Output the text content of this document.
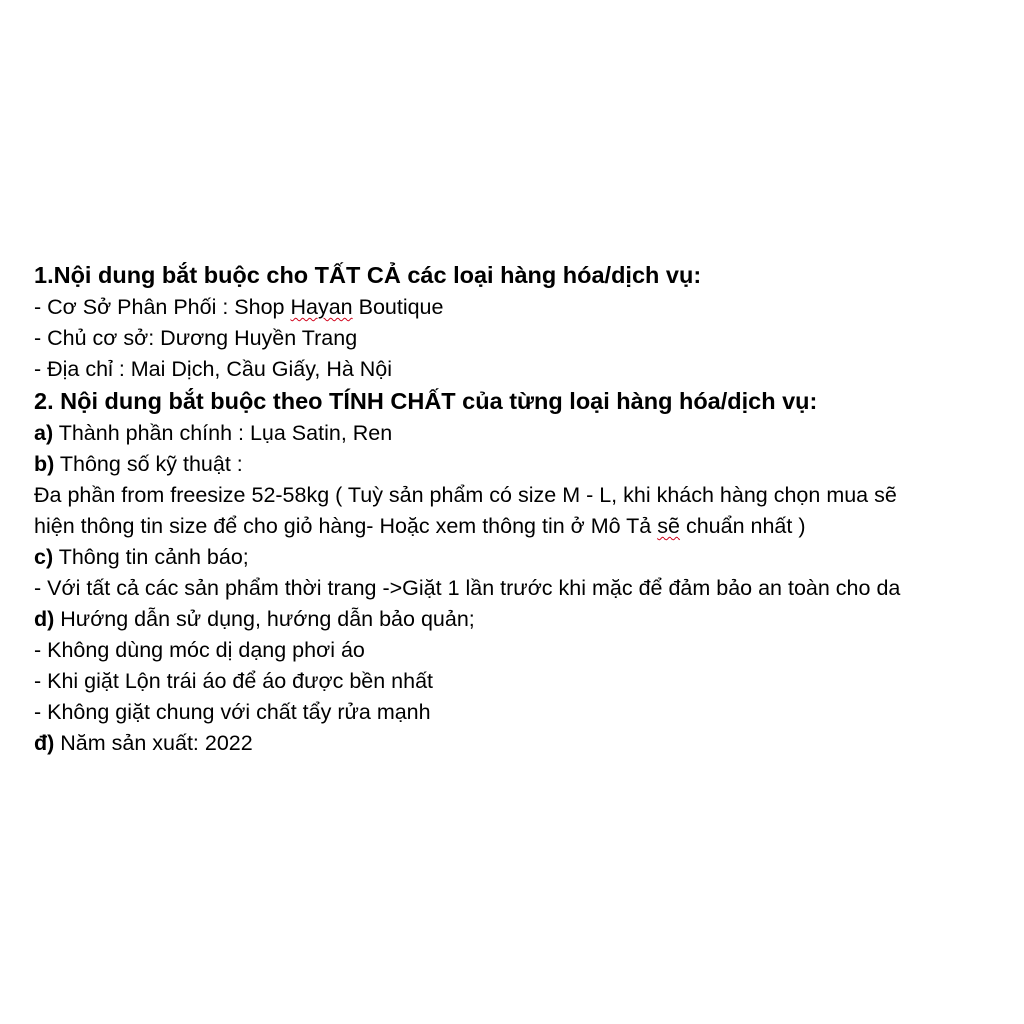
1.Nội dung bắt buộc cho TẤT CẢ các loại hàng hóa/dịch vụ:
- Cơ Sở Phân Phối : Shop Hayan Boutique
- Chủ cơ sở: Dương Huyền Trang
- Địa chỉ : Mai Dịch, Cầu Giấy, Hà Nội
2. Nội dung bắt buộc theo TÍNH CHẤT của từng loại hàng hóa/dịch vụ:
a) Thành phần chính : Lụa Satin, Ren
b) Thông số kỹ thuật :
Đa phần from freesize 52-58kg ( Tuỳ sản phẩm có size M - L, khi khách hàng chọn mua sẽ
hiện thông tin size để cho giỏ hàng- Hoặc xem thông tin ở Mô Tả sẽ chuẩn nhất )
c) Thông tin cảnh báo;
- Với tất cả các sản phẩm thời trang ->Giặt 1 lần trước khi mặc để đảm bảo an toàn cho da
d) Hướng dẫn sử dụng, hướng dẫn bảo quản;
- Không dùng móc dị dạng phơi áo
- Khi giặt Lộn trái áo để áo được bền nhất
- Không giặt chung với chất tẩy rửa mạnh
đ) Năm sản xuất: 2022
